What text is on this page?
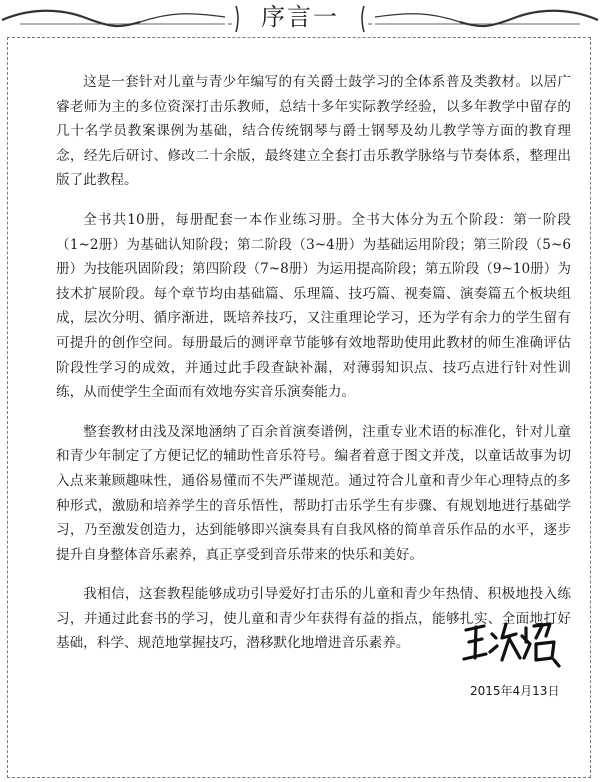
序言一

这是一套针对儿童与青少年编写的有关爵士鼓学习的全体系普及类教材。以居广睿老师为主的多位资深打击乐教师，总结十多年实际教学经验，以多年教学中留存的几十名学员教案课例为基础，结合传统钢琴与爵士钢琴及幼儿教学等方面的教育理念，经先后研讨、修改二十余版，最终建立全套打击乐教学脉络与节奏体系，整理出版了此教程。

全书共10册，每册配套一本作业练习册。全书大体分为五个阶段：第一阶段（1~2册）为基础认知阶段；第二阶段（3~4册）为基础运用阶段；第三阶段（5~6册）为技能巩固阶段；第四阶段（7~8册）为运用提高阶段；第五阶段（9~10册）为技术扩展阶段。每个章节均由基础篇、乐理篇、技巧篇、视奏篇、演奏篇五个板块组成，层次分明、循序渐进，既培养技巧，又注重理论学习，还为学有余力的学生留有可提升的创作空间。每册最后的测评章节能够有效地帮助使用此教材的师生准确评估阶段性学习的成效，并通过此手段查缺补漏，对薄弱知识点、技巧点进行针对性训练，从而使学生全面而有效地夯实音乐演奏能力。

整套教材由浅及深地涵纳了百余首演奏谱例，注重专业术语的标准化，针对儿童和青少年制定了方便记忆的辅助性音乐符号。编者着意于图文并茂，以童话故事为切入点来兼顾趣味性，通俗易懂而不失严谨规范。通过符合儿童和青少年心理特点的多种形式，激励和培养学生的音乐悟性，帮助打击乐学生有步骤、有规划地进行基础学习，乃至激发创造力，达到能够即兴演奏具有自我风格的简单音乐作品的水平，逐步提升自身整体音乐素养，真正享受到音乐带来的快乐和美好。

我相信，这套教程能够成功引导爱好打击乐的儿童和青少年热情、积极地投入练习，并通过此套书的学习，使儿童和青少年获得有益的指点，能够扎实、全面地打好基础，科学、规范地掌握技巧，潜移默化地增进音乐素养。

2015年4月13日
